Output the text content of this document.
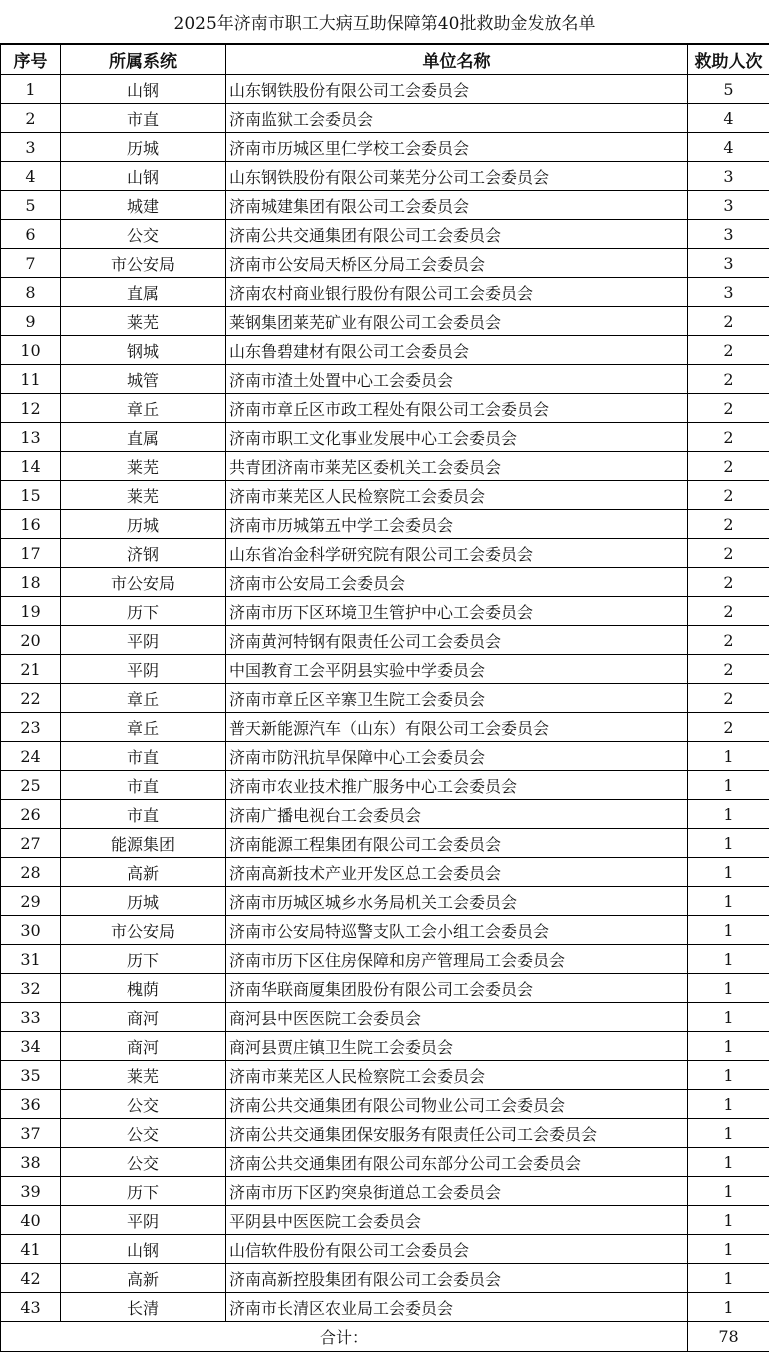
2025年济南市职工大病互助保障第40批救助金发放名单
序号	所属系统	单位名称	救助人次
1	山钢	山东钢铁股份有限公司工会委员会	5
2	市直	济南监狱工会委员会	4
3	历城	济南市历城区里仁学校工会委员会	4
4	山钢	山东钢铁股份有限公司莱芜分公司工会委员会	3
5	城建	济南城建集团有限公司工会委员会	3
6	公交	济南公共交通集团有限公司工会委员会	3
7	市公安局	济南市公安局天桥区分局工会委员会	3
8	直属	济南农村商业银行股份有限公司工会委员会	3
9	莱芜	莱钢集团莱芜矿业有限公司工会委员会	2
10	钢城	山东鲁碧建材有限公司工会委员会	2
11	城管	济南市渣土处置中心工会委员会	2
12	章丘	济南市章丘区市政工程处有限公司工会委员会	2
13	直属	济南市职工文化事业发展中心工会委员会	2
14	莱芜	共青团济南市莱芜区委机关工会委员会	2
15	莱芜	济南市莱芜区人民检察院工会委员会	2
16	历城	济南市历城第五中学工会委员会	2
17	济钢	山东省冶金科学研究院有限公司工会委员会	2
18	市公安局	济南市公安局工会委员会	2
19	历下	济南市历下区环境卫生管护中心工会委员会	2
20	平阴	济南黄河特钢有限责任公司工会委员会	2
21	平阴	中国教育工会平阴县实验中学委员会	2
22	章丘	济南市章丘区辛寨卫生院工会委员会	2
23	章丘	普天新能源汽车（山东）有限公司工会委员会	2
24	市直	济南市防汛抗旱保障中心工会委员会	1
25	市直	济南市农业技术推广服务中心工会委员会	1
26	市直	济南广播电视台工会委员会	1
27	能源集团	济南能源工程集团有限公司工会委员会	1
28	高新	济南高新技术产业开发区总工会委员会	1
29	历城	济南市历城区城乡水务局机关工会委员会	1
30	市公安局	济南市公安局特巡警支队工会小组工会委员会	1
31	历下	济南市历下区住房保障和房产管理局工会委员会	1
32	槐荫	济南华联商厦集团股份有限公司工会委员会	1
33	商河	商河县中医医院工会委员会	1
34	商河	商河县贾庄镇卫生院工会委员会	1
35	莱芜	济南市莱芜区人民检察院工会委员会	1
36	公交	济南公共交通集团有限公司物业公司工会委员会	1
37	公交	济南公共交通集团保安服务有限责任公司工会委员会	1
38	公交	济南公共交通集团有限公司东部分公司工会委员会	1
39	历下	济南市历下区趵突泉街道总工会委员会	1
40	平阴	平阴县中医医院工会委员会	1
41	山钢	山信软件股份有限公司工会委员会	1
42	高新	济南高新控股集团有限公司工会委员会	1
43	长清	济南市长清区农业局工会委员会	1
合计：			78
